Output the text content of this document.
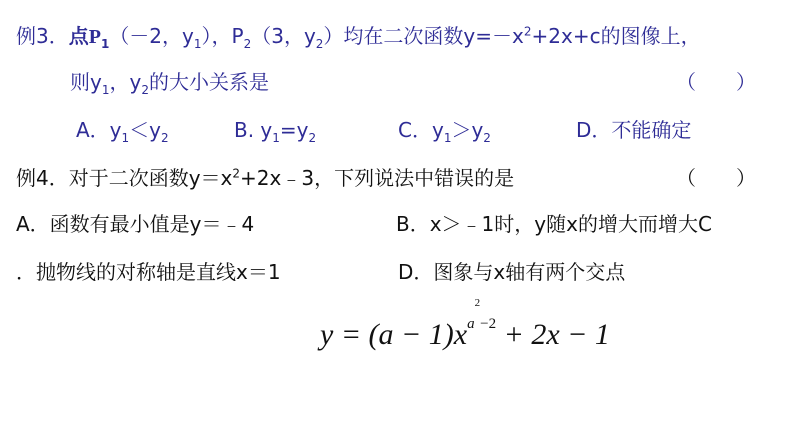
例3．点$P_1(-2$，$y_1$），$P_2(3$，$y_2$）均在二次函数$y=-x^2+2x+c$的图像上，
则$y_1$，$y_2$的大小关系是	（　　）
A．$y_1<y_2$	B. $y_1=y_2$	C．$y_1>y_2$	D．不能确定
例4．对于二次函数$y=x^2+2x﹣3$，下列说法中错误的是	（　　）
A．函数有最小值是y＝﹣4	B．x＞﹣1时，y随x的增大而增大C
．抛物线的对称轴是直线x＝1	D．图象与x轴有两个交点
$y = (a - 1)x^{a^2-2} + 2x - 1$
